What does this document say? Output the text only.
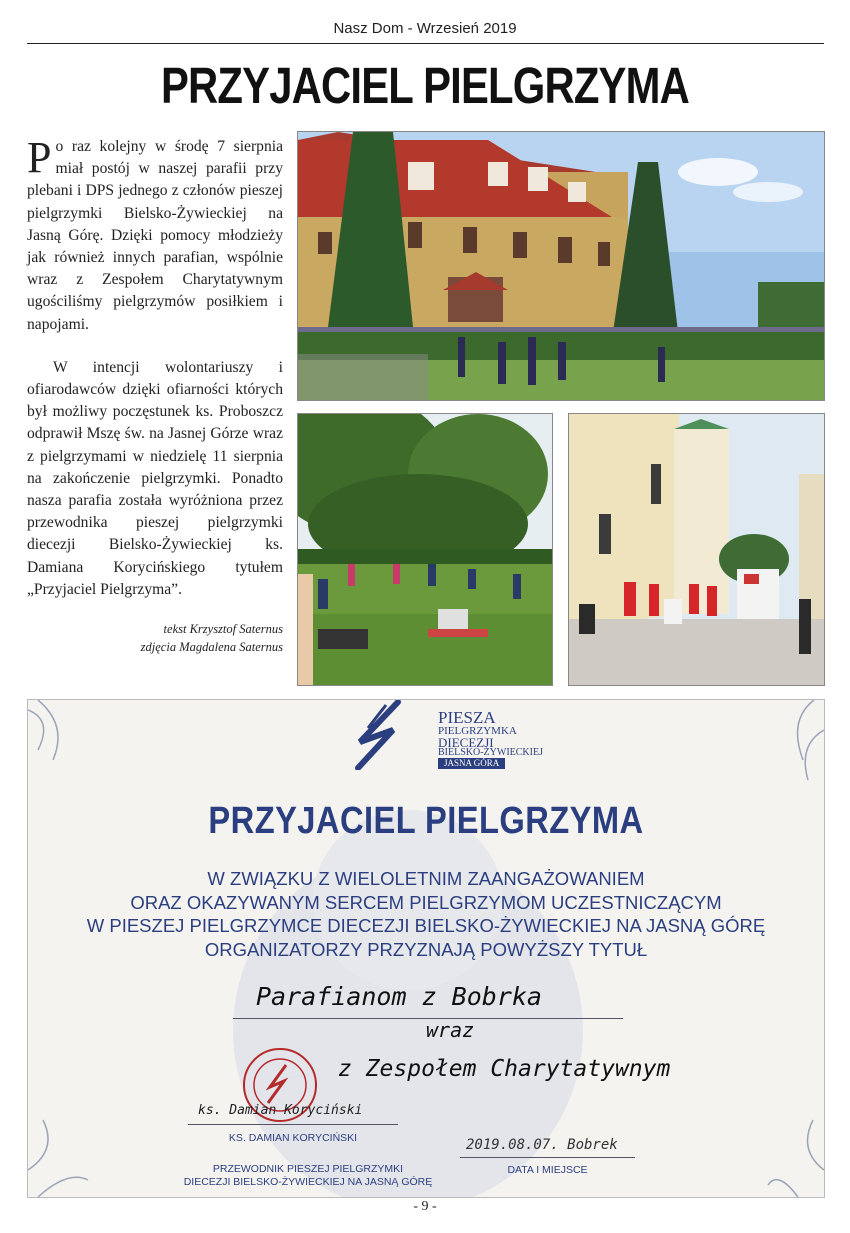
Nasz Dom - Wrzesień 2019
PRZYJACIEL PIELGRZYMA

Po raz kolejny w środę 7 sierpnia miał postój w naszej parafii przy plebani i DPS jednego z członów pieszej pielgrzymki Bielsko-Żywieckiej na Jasną Górę. Dzięki pomocy młodzieży jak również innych parafian, wspólnie wraz z Zespołem Charytatywnym ugościliśmy pielgrzymów posiłkiem i napojami.

W intencji wolontariuszy i ofiarodawców dzięki ofiarności których był możliwy poczęstunek ks. Proboszcz odprawił Mszę św. na Jasnej Górze wraz z pielgrzymami w niedzielę 11 sierpnia na zakończenie pielgrzymki. Ponadto nasza parafia została wyróżniona przez przewodnika pieszej pielgrzymki diecezji Bielsko-Żywieckiej ks. Damiana Korycińskiego tytułem „Przyjaciel Pielgrzyma”.

tekst Krzysztof Saternus
zdjęcia Magdalena Saternus
PIESZA
PIELGRZYMKA
DIECEZJI
BIELSKO-ŻYWIECKIEJ
JASNA GÓRA
PRZYJACIEL PIELGRZYMA
W ZWIĄZKU Z WIELOLETNIM ZAANGAŻOWANIEM
ORAZ OKAZYWANYM SERCEM PIELGRZYMOM UCZESTNICZĄCYM
W PIESZEJ PIELGRZYMCE DIECEZJI BIELSKO-ŻYWIECKIEJ NA JASNĄ GÓRĘ
ORGANIZATORZY PRZYZNAJĄ POWYŻSZY TYTUŁ
Parafianom z Bobrka
wraz
z Zespołem Charytatywnym
ks. Damian Koryciński
KS. DAMIAN KORYCIŃSKI
PRZEWODNIK PIESZEJ PIELGRZYMKI
DIECEZJI BIELSKO-ŻYWIECKIEJ NA JASNĄ GÓRĘ
2019.08.07. Bobrek
DATA I MIEJSCE
- 9 -
